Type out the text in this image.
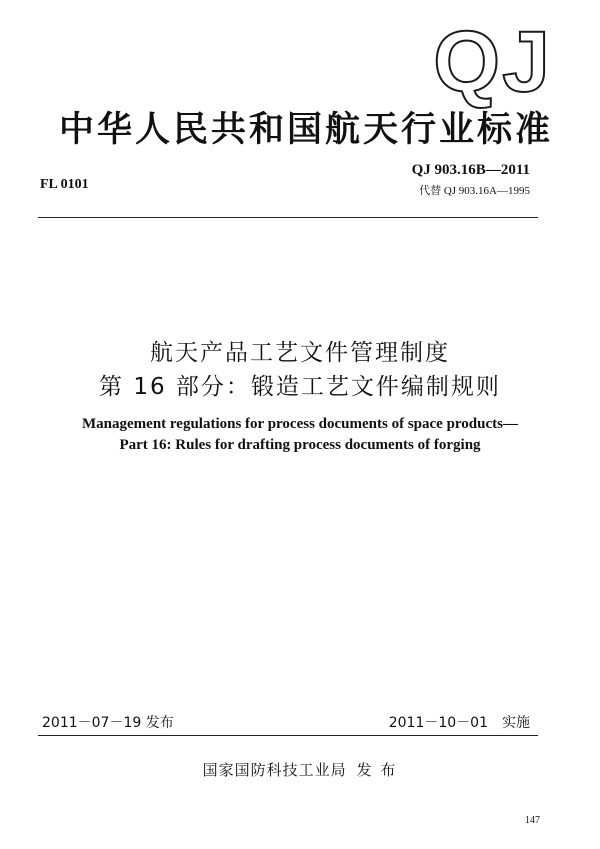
QJ
中华人民共和国航天行业标准
FL 0101
QJ 903.16B—2011
代替 QJ 903.16A—1995
航天产品工艺文件管理制度
第 16 部分：锻造工艺文件编制规则
Management regulations for process documents of space products—
Part 16: Rules for drafting process documents of forging
2011－07－19 发布	2011－10－01　实施
国家国防科技工业局 发 布
147
